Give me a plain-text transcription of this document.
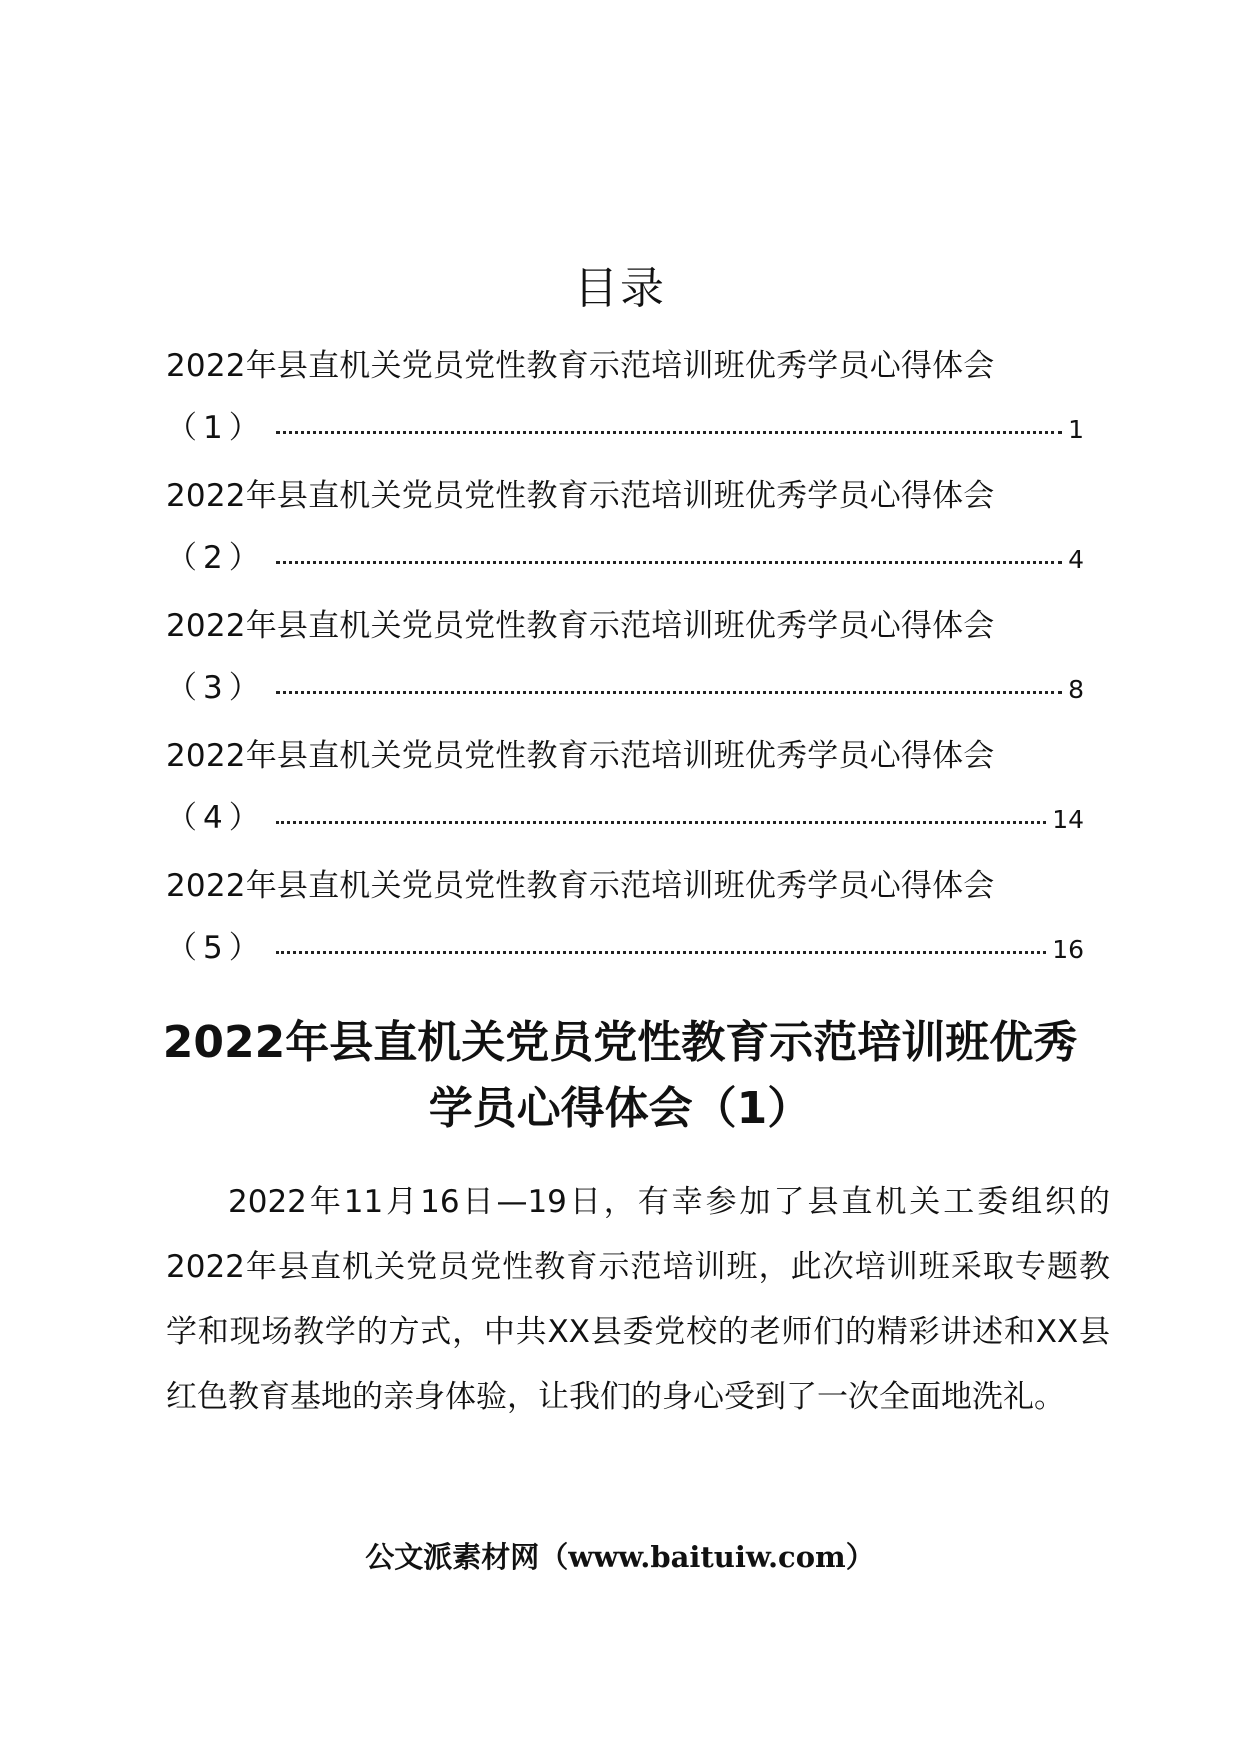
目录
2022年县直机关党员党性教育示范培训班优秀学员心得体会
（1）	1
2022年县直机关党员党性教育示范培训班优秀学员心得体会
（2）	4
2022年县直机关党员党性教育示范培训班优秀学员心得体会
（3）	8
2022年县直机关党员党性教育示范培训班优秀学员心得体会
（4）	14
2022年县直机关党员党性教育示范培训班优秀学员心得体会
（5）	16
2022年县直机关党员党性教育示范培训班优秀
学员心得体会（1）
2022年11月16日—19日，有幸参加了县直机关工委组织的2022年县直机关党员党性教育示范培训班，此次培训班采取专题教学和现场教学的方式，中共XX县委党校的老师们的精彩讲述和XX县红色教育基地的亲身体验，让我们的身心受到了一次全面地洗礼。
公文派素材网（www.baituiw.com）
